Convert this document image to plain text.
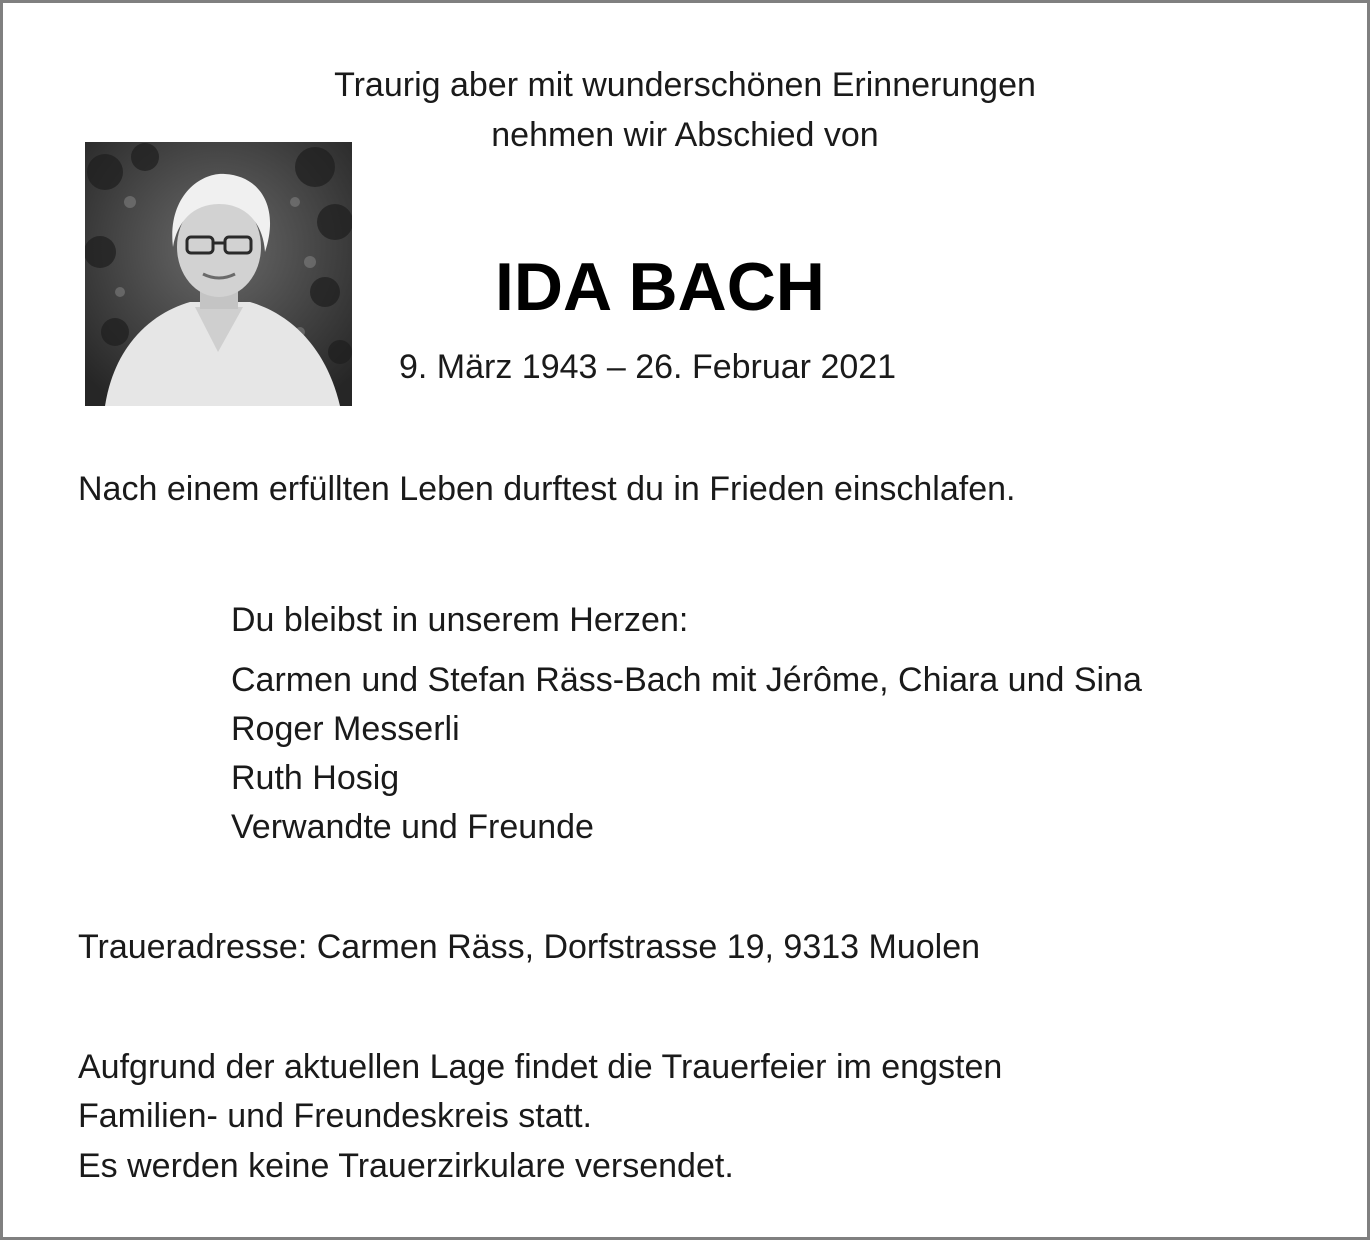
Traurig aber mit wunderschönen Erinnerungen
nehmen wir Abschied von
IDA BACH
9. März 1943 – 26. Februar 2021
Nach einem erfüllten Leben durftest du in Frieden einschlafen.
Du bleibst in unserem Herzen:
Carmen und Stefan Räss-Bach mit Jérôme, Chiara und Sina
Roger Messerli
Ruth Hosig
Verwandte und Freunde
Traueradresse: Carmen Räss, Dorfstrasse 19, 9313 Muolen
Aufgrund der aktuellen Lage findet die Trauerfeier im engsten
Familien- und Freundeskreis statt.
Es werden keine Trauerzirkulare versendet.
